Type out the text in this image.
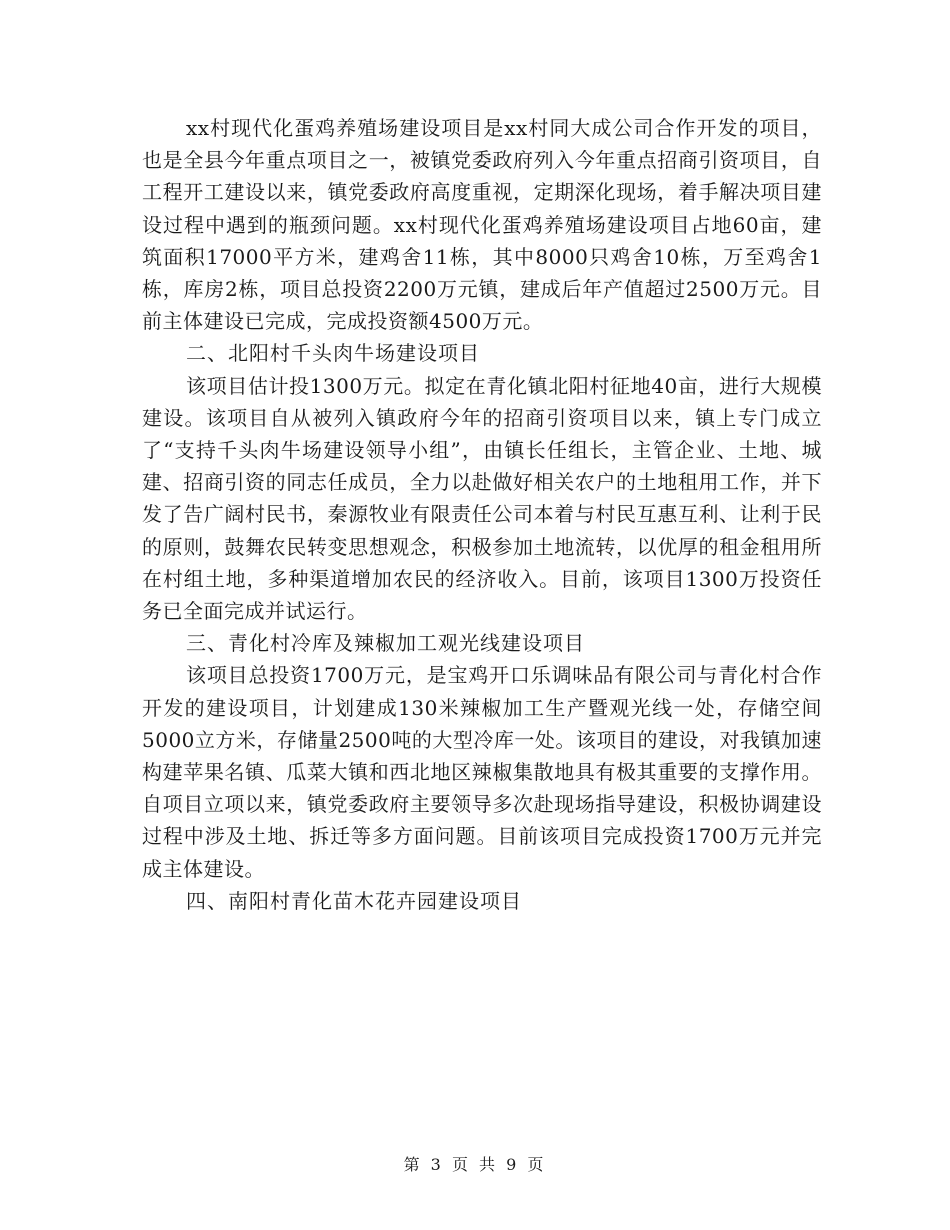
xx村现代化蛋鸡养殖场建设项目是xx村同大成公司合作开发的项目，也是全县今年重点项目之一，被镇党委政府列入今年重点招商引资项目，自工程开工建设以来，镇党委政府高度重视，定期深化现场，着手解决项目建设过程中遇到的瓶颈问题。xx村现代化蛋鸡养殖场建设项目占地60亩，建筑面积17000平方米，建鸡舍11栋，其中8000只鸡舍10栋，万至鸡舍1栋，库房2栋，项目总投资2200万元镇，建成后年产值超过2500万元。目前主体建设已完成，完成投资额4500万元。

二、北阳村千头肉牛场建设项目

该项目估计投1300万元。拟定在青化镇北阳村征地40亩，进行大规模建设。该项目自从被列入镇政府今年的招商引资项目以来，镇上专门成立了“支持千头肉牛场建设领导小组”，由镇长任组长，主管企业、土地、城建、招商引资的同志任成员，全力以赴做好相关农户的土地租用工作，并下发了告广阔村民书，秦源牧业有限责任公司本着与村民互惠互利、让利于民的原则，鼓舞农民转变思想观念，积极参加土地流转，以优厚的租金租用所在村组土地，多种渠道增加农民的经济收入。目前，该项目1300万投资任务已全面完成并试运行。

三、青化村冷库及辣椒加工观光线建设项目

该项目总投资1700万元，是宝鸡开口乐调味品有限公司与青化村合作开发的建设项目，计划建成130米辣椒加工生产暨观光线一处，存储空间5000立方米，存储量2500吨的大型冷库一处。该项目的建设，对我镇加速构建苹果名镇、瓜菜大镇和西北地区辣椒集散地具有极其重要的支撑作用。自项目立项以来，镇党委政府主要领导多次赴现场指导建设，积极协调建设过程中涉及土地、拆迁等多方面问题。目前该项目完成投资1700万元并完成主体建设。

四、南阳村青化苗木花卉园建设项目

第 3 页 共 9 页
